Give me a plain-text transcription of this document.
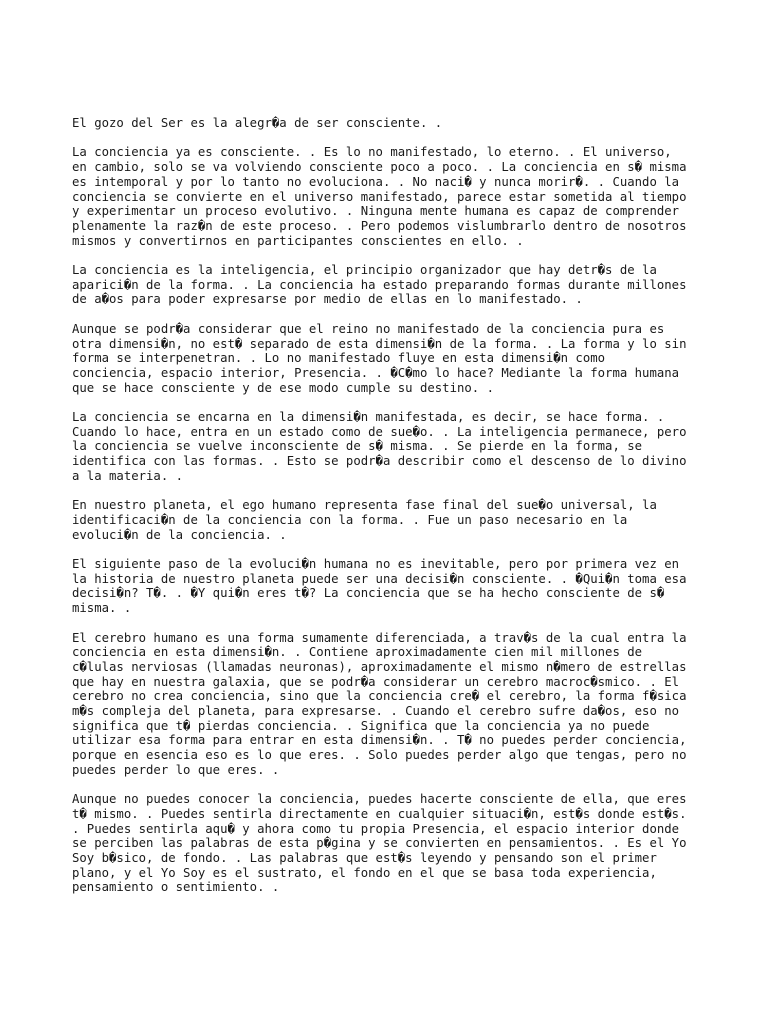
El gozo del Ser es la alegr�a de ser consciente. .

La conciencia ya es consciente. . Es lo no manifestado, lo eterno. . El universo,
en cambio, solo se va volviendo consciente poco a poco. . La conciencia en s� misma
es intemporal y por lo tanto no evoluciona. . No naci� y nunca morir�. . Cuando la
conciencia se convierte en el universo manifestado, parece estar sometida al tiempo
y experimentar un proceso evolutivo. . Ninguna mente humana es capaz de comprender
plenamente la raz�n de este proceso. . Pero podemos vislumbrarlo dentro de nosotros
mismos y convertirnos en participantes conscientes en ello. .

La conciencia es la inteligencia, el principio organizador que hay detr�s de la
aparici�n de la forma. . La conciencia ha estado preparando formas durante millones
de a�os para poder expresarse por medio de ellas en lo manifestado. .

Aunque se podr�a considerar que el reino no manifestado de la conciencia pura es
otra dimensi�n, no est� separado de esta dimensi�n de la forma. . La forma y lo sin
forma se interpenetran. . Lo no manifestado fluye en esta dimensi�n como
conciencia, espacio interior, Presencia. . �C�mo lo hace? Mediante la forma humana
que se hace consciente y de ese modo cumple su destino. .

La conciencia se encarna en la dimensi�n manifestada, es decir, se hace forma. .
Cuando lo hace, entra en un estado como de sue�o. . La inteligencia permanece, pero
la conciencia se vuelve inconsciente de s� misma. . Se pierde en la forma, se
identifica con las formas. . Esto se podr�a describir como el descenso de lo divino
a la materia. .

En nuestro planeta, el ego humano representa fase final del sue�o universal, la
identificaci�n de la conciencia con la forma. . Fue un paso necesario en la
evoluci�n de la conciencia. .

El siguiente paso de la evoluci�n humana no es inevitable, pero por primera vez en
la historia de nuestro planeta puede ser una decisi�n consciente. . �Qui�n toma esa
decisi�n? T�. . �Y qui�n eres t�? La conciencia que se ha hecho consciente de s�
misma. .

El cerebro humano es una forma sumamente diferenciada, a trav�s de la cual entra la
conciencia en esta dimensi�n. . Contiene aproximadamente cien mil millones de
c�lulas nerviosas (llamadas neuronas), aproximadamente el mismo n�mero de estrellas
que hay en nuestra galaxia, que se podr�a considerar un cerebro macroc�smico. . El
cerebro no crea conciencia, sino que la conciencia cre� el cerebro, la forma f�sica
m�s compleja del planeta, para expresarse. . Cuando el cerebro sufre da�os, eso no
significa que t� pierdas conciencia. . Significa que la conciencia ya no puede
utilizar esa forma para entrar en esta dimensi�n. . T� no puedes perder conciencia,
porque en esencia eso es lo que eres. . Solo puedes perder algo que tengas, pero no
puedes perder lo que eres. .

Aunque no puedes conocer la conciencia, puedes hacerte consciente de ella, que eres
t� mismo. . Puedes sentirla directamente en cualquier situaci�n, est�s donde est�s.
. Puedes sentirla aqu� y ahora como tu propia Presencia, el espacio interior donde
se perciben las palabras de esta p�gina y se convierten en pensamientos. . Es el Yo
Soy b�sico, de fondo. . Las palabras que est�s leyendo y pensando son el primer
plano, y el Yo Soy es el sustrato, el fondo en el que se basa toda experiencia,
pensamiento o sentimiento. .
